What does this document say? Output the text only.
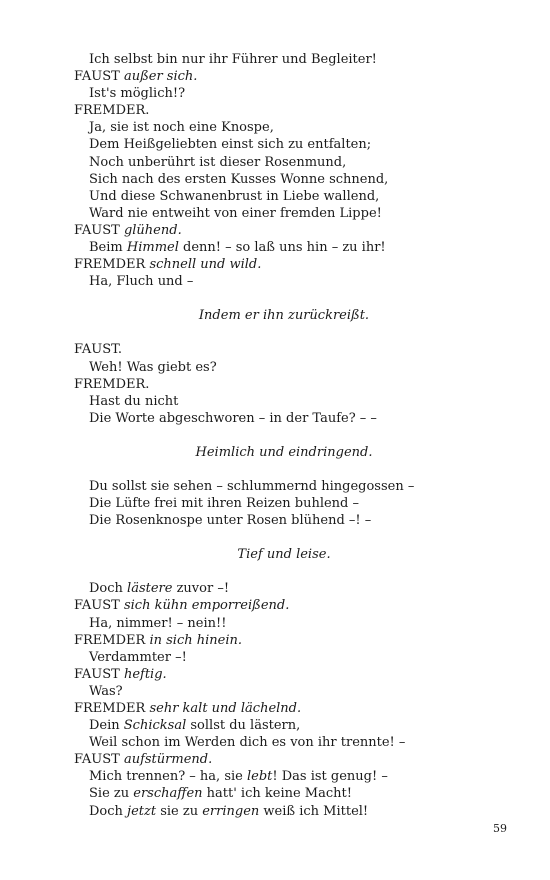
Ich selbst bin nur ihr Führer und Begleiter!
FAUST außer sich.
Ist's möglich!?
FREMDER.
Ja, sie ist noch eine Knospe,
Dem Heißgeliebten einst sich zu entfalten;
Noch unberührt ist dieser Rosenmund,
Sich nach des ersten Kusses Wonne schnend,
Und diese Schwanenbrust in Liebe wallend,
Ward nie entweiht von einer fremden Lippe!
FAUST glühend.
Beim Himmel denn! – so laß uns hin – zu ihr!
FREMDER schnell und wild.
Ha, Fluch und –
Indem er ihn zurückreißt.
FAUST.
Weh! Was giebt es?
FREMDER.
Hast du nicht
Die Worte abgeschworen – in der Taufe? – –
Heimlich und eindringend.
Du sollst sie sehen – schlummernd hingegossen –
Die Lüfte frei mit ihren Reizen buhlend –
Die Rosenknospe unter Rosen blühend –! –
Tief und leise.
Doch lästere zuvor –!
FAUST sich kühn emporreißend.
Ha, nimmer! – nein!!
FREMDER in sich hinein.
Verdammter –!
FAUST heftig.
Was?
FREMDER sehr kalt und lächelnd.
Dein Schicksal sollst du lästern,
Weil schon im Werden dich es von ihr trennte! –
FAUST aufstürmend.
Mich trennen? – ha, sie lebt! Das ist genug! –
Sie zu erschaffen hatt' ich keine Macht!
Doch jetzt sie zu erringen weiß ich Mittel!
59
